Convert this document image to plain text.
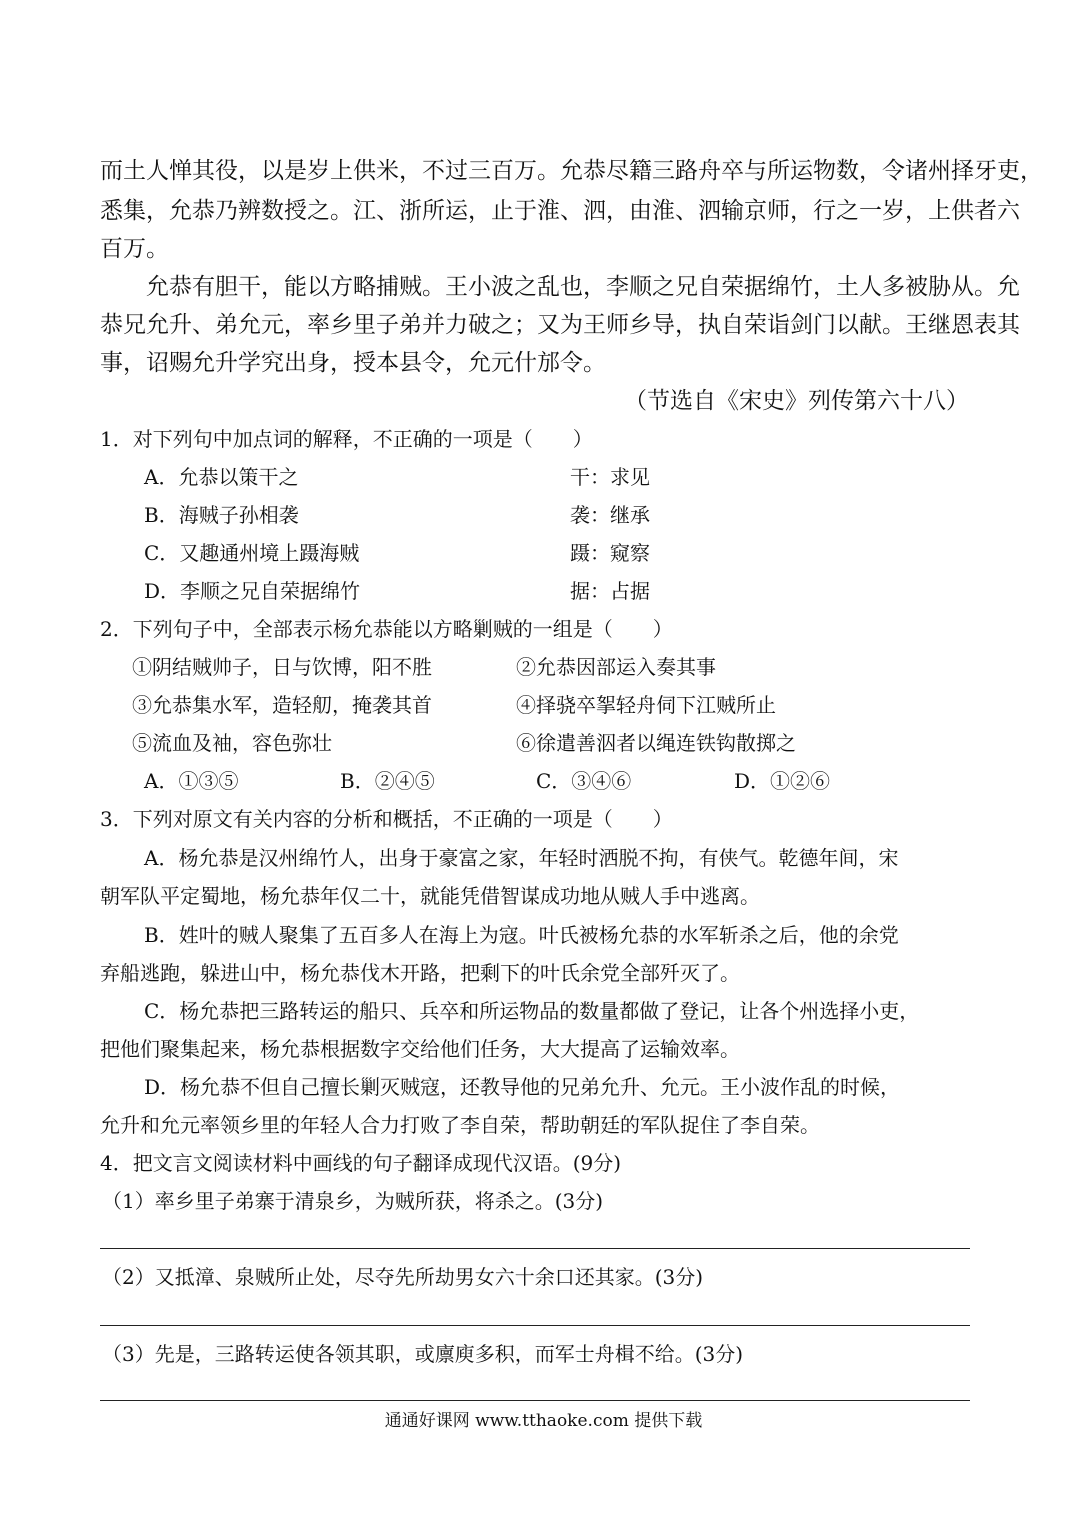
而土人惮其役，以是岁上供米，不过三百万。允恭尽籍三路舟卒与所运物数，令诸州择牙吏，
悉集，允恭乃辨数授之。江、浙所运，止于淮、泗，由淮、泗输京师，行之一岁，上供者六
百万。
允恭有胆干，能以方略捕贼。王小波之乱也，李顺之兄自荣据绵竹，土人多被胁从。允
恭兄允升、弟允元，率乡里子弟并力破之；又为王师乡导，执自荣诣剑门以献。王继恩表其
事，诏赐允升学究出身，授本县令，允元什邡令。
（节选自《宋史》列传第六十八）
1．对下列句中加点词的解释，不正确的一项是（　　）
A．允恭以策干之	干：求见
B．海贼子孙相袭	袭：继承
C．又趣通州境上蹑海贼	蹑：窥察
D．李顺之兄自荣据绵竹	据：占据
2．下列句子中，全部表示杨允恭能以方略剿贼的一组是（　　）
①阴结贼帅子，日与饮博，阳不胜	②允恭因部运入奏其事
③允恭集水军，造轻舠，掩袭其首	④择骁卒挐轻舟伺下江贼所止
⑤流血及袖，容色弥壮	⑥徐遣善泅者以绳连铁钩散掷之
A．①③⑤	B．②④⑤	C．③④⑥	D．①②⑥
3．下列对原文有关内容的分析和概括，不正确的一项是（　　）
A．杨允恭是汉州绵竹人，出身于豪富之家，年轻时洒脱不拘，有侠气。乾德年间，宋
朝军队平定蜀地，杨允恭年仅二十，就能凭借智谋成功地从贼人手中逃离。
B．姓叶的贼人聚集了五百多人在海上为寇。叶氏被杨允恭的水军斩杀之后，他的余党
弃船逃跑，躲进山中，杨允恭伐木开路，把剩下的叶氏余党全部歼灭了。
C．杨允恭把三路转运的船只、兵卒和所运物品的数量都做了登记，让各个州选择小吏，
把他们聚集起来，杨允恭根据数字交给他们任务，大大提高了运输效率。
D．杨允恭不但自己擅长剿灭贼寇，还教导他的兄弟允升、允元。王小波作乱的时候，
允升和允元率领乡里的年轻人合力打败了李自荣，帮助朝廷的军队捉住了李自荣。
4．把文言文阅读材料中画线的句子翻译成现代汉语。(9分)
（1）率乡里子弟寨于清泉乡，为贼所获，将杀之。(3分)
（2）又抵漳、泉贼所止处，尽夺先所劫男女六十余口还其家。(3分)
（3）先是，三路转运使各领其职，或廪庾多积，而军士舟楫不给。(3分)
通通好课网 www.tthaoke.com 提供下载
